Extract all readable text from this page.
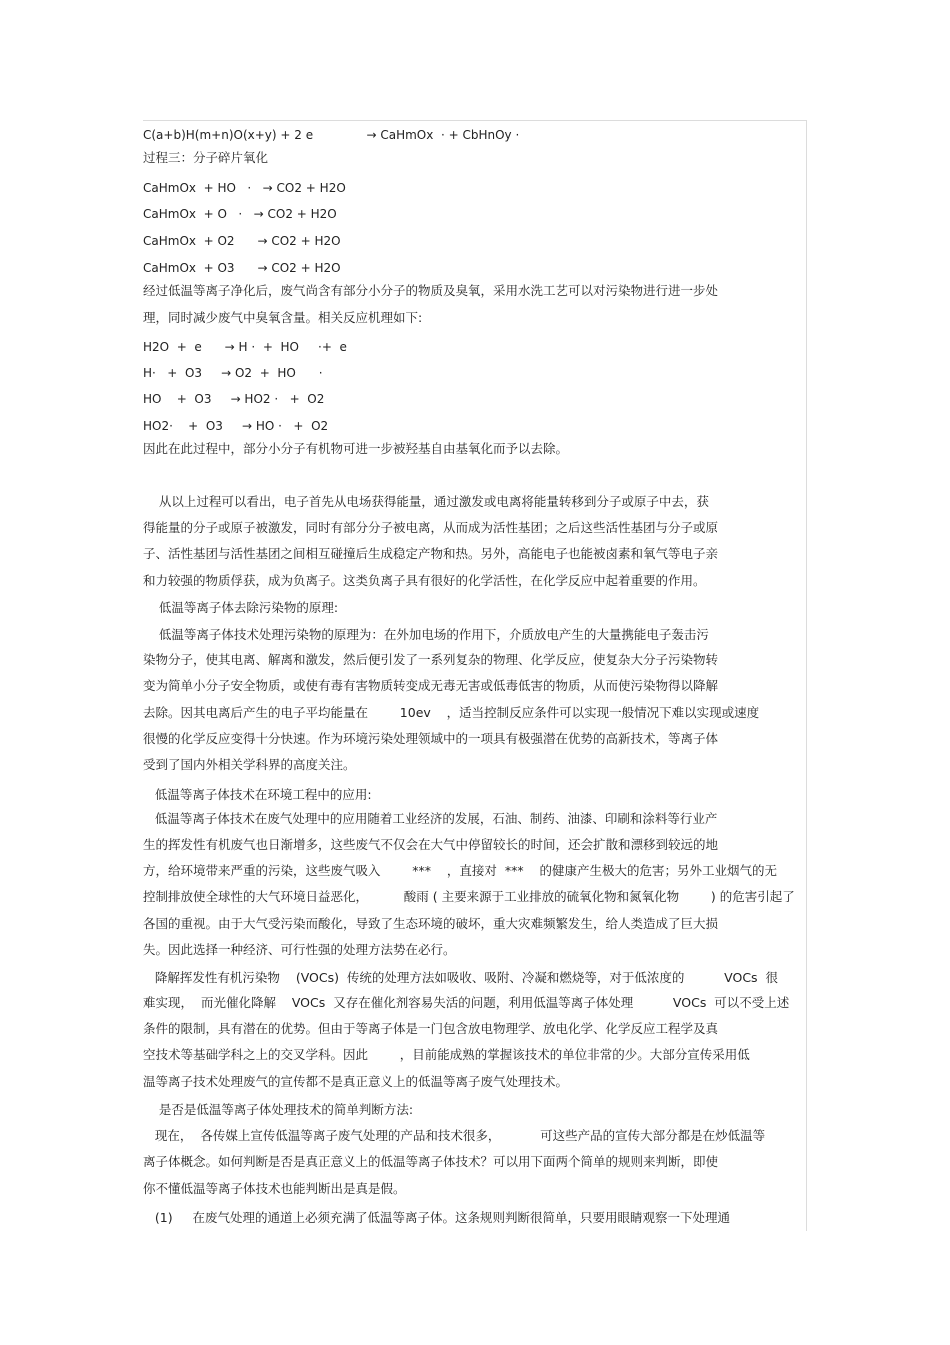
C(a+b)H(m+n)O(x+y) + 2 e              → CaHmOx  · + CbHnOy ·
过程三：分子碎片氧化
CaHmOx  + HO   ·   → CO2 + H2O
CaHmOx  + O   ·   → CO2 + H2O
CaHmOx  + O2      → CO2 + H2O
CaHmOx  + O3      → CO2 + H2O
经过低温等离子净化后，废气尚含有部分小分子的物质及臭氧，采用水洗工艺可以对污染物进行进一步处
理，同时减少废气中臭氧含量。相关反应机理如下:
H2O  +  e      → H ·  +  HO     ·+  e
H·   +  O3     → O2  +  HO      ·
HO    +  O3     → HO2 ·   +  O2
HO2·    +  O3     → HO ·   +  O2
因此在此过程中，部分小分子有机物可进一步被羟基自由基氧化而予以去除。
从以上过程可以看出，电子首先从电场获得能量，通过激发或电离将能量转移到分子或原子中去，获
得能量的分子或原子被激发，同时有部分分子被电离，从而成为活性基团；之后这些活性基团与分子或原
子、活性基团与活性基团之间相互碰撞后生成稳定产物和热。另外，高能电子也能被卤素和氧气等电子亲
和力较强的物质俘获，成为负离子。这类负离子具有很好的化学活性，在化学反应中起着重要的作用。
低温等离子体去除污染物的原理:
低温等离子体技术处理污染物的原理为：在外加电场的作用下，介质放电产生的大量携能电子轰击污
染物分子，使其电离、解离和激发，然后便引发了一系列复杂的物理、化学反应，使复杂大分子污染物转
变为简单小分子安全物质，或使有毒有害物质转变成无毒无害或低毒低害的物质，从而使污染物得以降解
去除。因其电离后产生的电子平均能量在        10ev    ，适当控制反应条件可以实现一般情况下难以实现或速度
很慢的化学反应变得十分快速。作为环境污染处理领域中的一项具有极强潜在优势的高新技术，等离子体
受到了国内外相关学科界的高度关注。
低温等离子体技术在环境工程中的应用:
低温等离子体技术在废气处理中的应用随着工业经济的发展，石油、制药、油漆、印刷和涂料等行业产
生的挥发性有机废气也日渐增多，这些废气不仅会在大气中停留较长的时间，还会扩散和漂移到较远的地
方，给环境带来严重的污染，这些废气吸入        ***    ，直接对  ***    的健康产生极大的危害；另外工业烟气的无
控制排放使全球性的大气环境日益恶化，         酸雨 ( 主要来源于工业排放的硫氧化物和氮氧化物        ) 的危害引起了
各国的重视。由于大气受污染而酸化，导致了生态环境的破坏，重大灾难频繁发生，给人类造成了巨大损
失。因此选择一种经济、可行性强的处理方法势在必行。
降解挥发性有机污染物    (VOCs)  传统的处理方法如吸收、吸附、冷凝和燃烧等，对于低浓度的          VOCs  很
难实现，  而光催化降解    VOCs  又存在催化剂容易失活的问题，利用低温等离子体处理          VOCs  可以不受上述
条件的限制，具有潜在的优势。但由于等离子体是一门包含放电物理学、放电化学、化学反应工程学及真
空技术等基础学科之上的交叉学科。因此        ，目前能成熟的掌握该技术的单位非常的少。大部分宣传采用低
温等离子技术处理废气的宣传都不是真正意义上的低温等离子废气处理技术。
是否是低温等离子体处理技术的简单判断方法:
现在，  各传媒上宣传低温等离子废气处理的产品和技术很多，          可这些产品的宣传大部分都是在炒低温等
离子体概念。如何判断是否是真正意义上的低温等离子体技术？可以用下面两个简单的规则来判断，即使
你不懂低温等离子体技术也能判断出是真是假。
(1)     在废气处理的通道上必须充满了低温等离子体。这条规则判断很简单，只要用眼睛观察一下处理通
